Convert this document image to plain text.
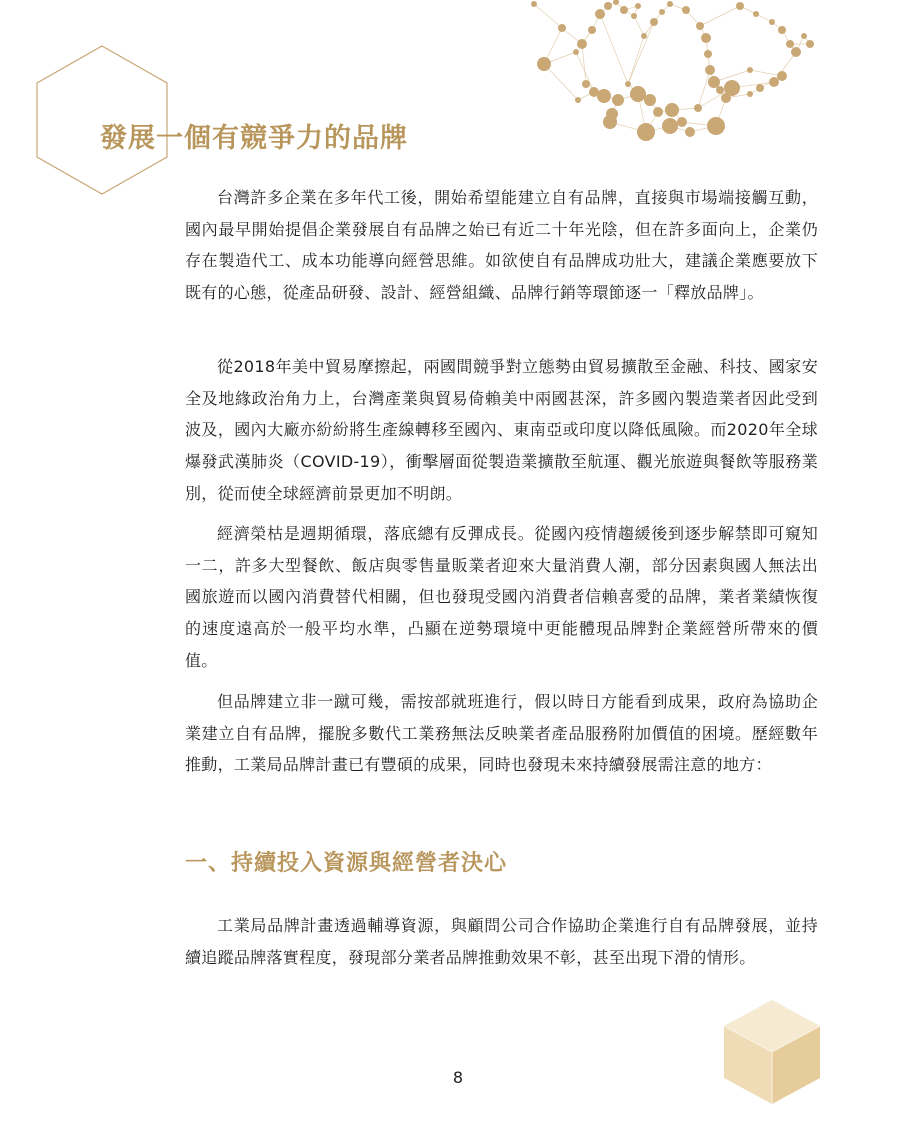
發展一個有競爭力的品牌

台灣許多企業在多年代工後，開始希望能建立自有品牌，直接與市場端接觸互動，國內最早開始提倡企業發展自有品牌之始已有近二十年光陰，但在許多面向上，企業仍存在製造代工、成本功能導向經營思維。如欲使自有品牌成功壯大，建議企業應要放下既有的心態，從產品研發、設計、經營組織、品牌行銷等環節逐一「釋放品牌」。

從2018年美中貿易摩擦起，兩國間競爭對立態勢由貿易擴散至金融、科技、國家安全及地緣政治角力上，台灣產業與貿易倚賴美中兩國甚深，許多國內製造業者因此受到波及，國內大廠亦紛紛將生產線轉移至國內、東南亞或印度以降低風險。而2020年全球爆發武漢肺炎（COVID-19），衝擊層面從製造業擴散至航運、觀光旅遊與餐飲等服務業別，從而使全球經濟前景更加不明朗。

經濟榮枯是週期循環，落底總有反彈成長。從國內疫情趨緩後到逐步解禁即可窺知一二，許多大型餐飲、飯店與零售量販業者迎來大量消費人潮，部分因素與國人無法出國旅遊而以國內消費替代相關，但也發現受國內消費者信賴喜愛的品牌，業者業績恢復的速度遠高於一般平均水準，凸顯在逆勢環境中更能體現品牌對企業經營所帶來的價值。

但品牌建立非一蹴可幾，需按部就班進行，假以時日方能看到成果，政府為協助企業建立自有品牌，擺脫多數代工業務無法反映業者產品服務附加價值的困境。歷經數年推動，工業局品牌計畫已有豐碩的成果，同時也發現未來持續發展需注意的地方：

一、持續投入資源與經營者決心

工業局品牌計畫透過輔導資源，與顧問公司合作協助企業進行自有品牌發展，並持續追蹤品牌落實程度，發現部分業者品牌推動效果不彰，甚至出現下滑的情形。

8
